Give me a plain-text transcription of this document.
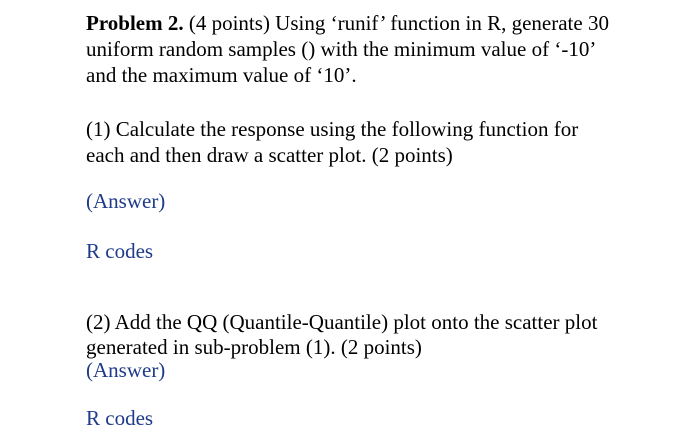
Problem 2. (4 points) Using ‘runif’ function in R, generate 30
uniform random samples () with the minimum value of ‘-10’
and the maximum value of ‘10’.
(1) Calculate the response using the following function for
each and then draw a scatter plot. (2 points)
(Answer)
R codes
(2) Add the QQ (Quantile-Quantile) plot onto the scatter plot
generated in sub-problem (1). (2 points)
(Answer)
R codes
